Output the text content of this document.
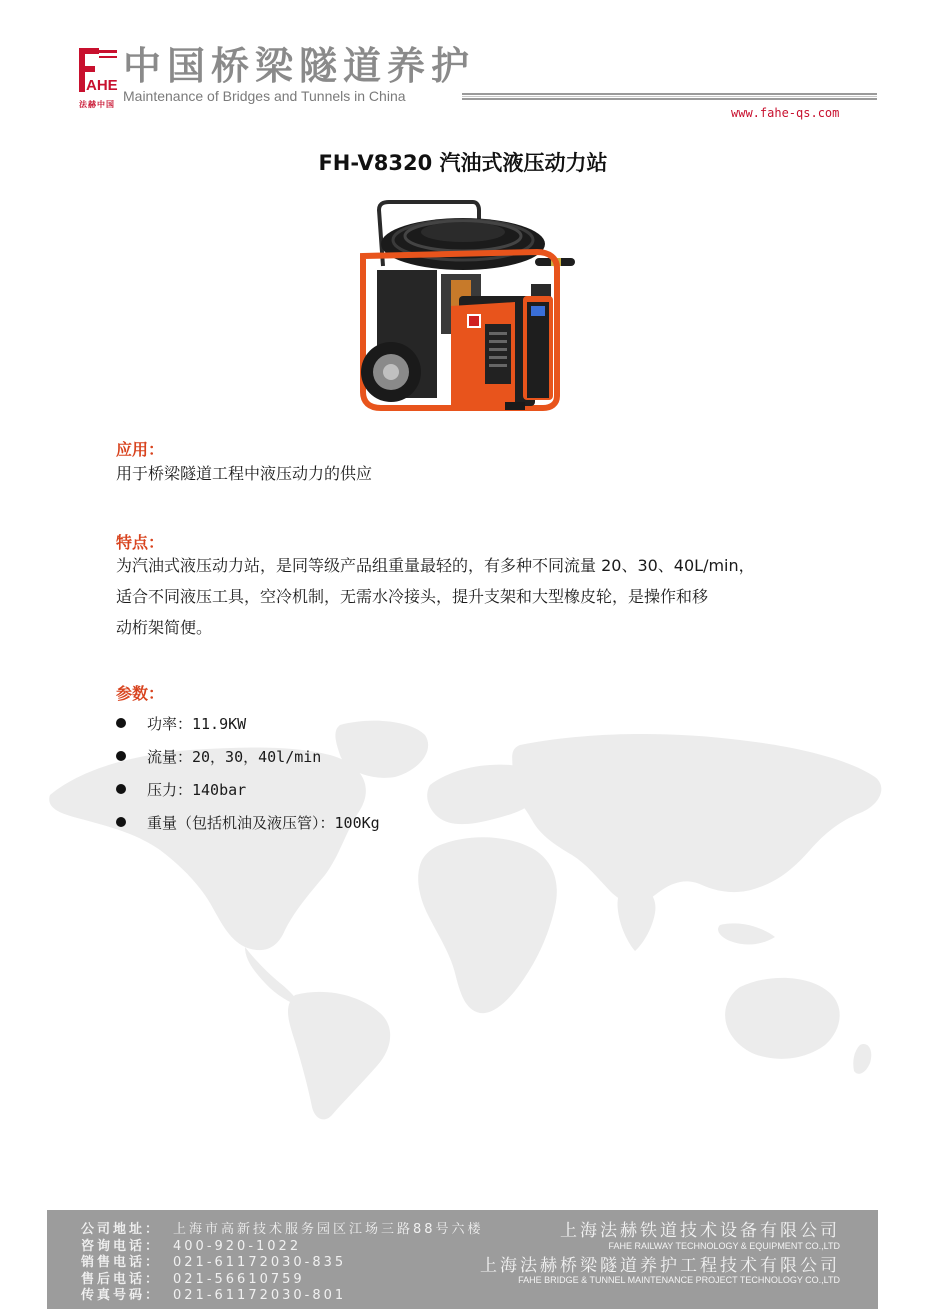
AHE
法赫中国
中国桥梁隧道养护
Maintenance of Bridges and Tunnels in China
www.fahe-qs.com
FH-V8320 汽油式液压动力站
应用：
用于桥梁隧道工程中液压动力的供应
特点：
为汽油式液压动力站，是同等级产品组重量最轻的，有多种不同流量 20、30、40L/min，
适合不同液压工具，空冷机制，无需水冷接头，提升支架和大型橡皮轮，是操作和移
动桁架简便。
参数：
功率：11.9KW
流量：20，30，40l/min
压力：140bar
重量（包括机油及液压管）：100Kg
公司地址： 上海市高新技术服务园区江场三路88号六楼
咨询电话： 400-920-1022
销售电话： 021-61172030-835
售后电话： 021-56610759
传真号码： 021-61172030-801
上海法赫铁道技术设备有限公司
FAHE RAILWAY TECHNOLOGY & EQUIPMENT CO.,LTD
上海法赫桥梁隧道养护工程技术有限公司
FAHE BRIDGE & TUNNEL MAINTENANCE PROJECT TECHNOLOGY CO.,LTD
